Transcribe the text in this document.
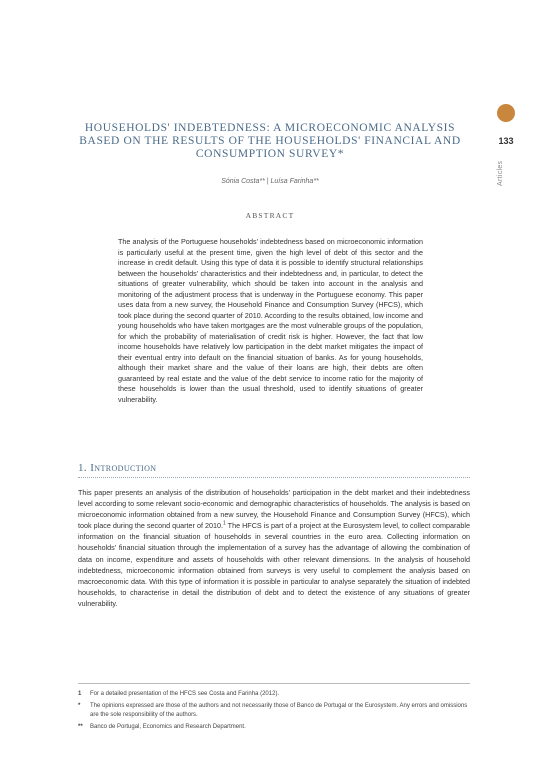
133
Articles
HOUSEHOLDS' INDEBTEDNESS: A MICROECONOMIC ANALYSIS BASED ON THE RESULTS OF THE HOUSEHOLDS' FINANCIAL AND CONSUMPTION SURVEY*
Sónia Costa** | Luísa Farinha**
ABSTRACT
The analysis of the Portuguese households' indebtedness based on microeconomic information is particularly useful at the present time, given the high level of debt of this sector and the increase in credit default. Using this type of data it is possible to identify structural relationships between the households' characteristics and their indebtedness and, in particular, to detect the situations of greater vulnerability, which should be taken into account in the analysis and monitoring of the adjustment process that is underway in the Portuguese economy. This paper uses data from a new survey, the Household Finance and Consumption Survey (HFCS), which took place during the second quarter of 2010. According to the results obtained, low income and young households who have taken mortgages are the most vulnerable groups of the population, for which the probability of materialisation of credit risk is higher. However, the fact that low income households have relatively low participation in the debt market mitigates the impact of their eventual entry into default on the financial situation of banks. As for young households, although their market share and the value of their loans are high, their debts are often guaranteed by real estate and the value of the debt service to income ratio for the majority of these households is lower than the usual threshold, used to identify situations of greater vulnerability.
1. Introduction
This paper presents an analysis of the distribution of households' participation in the debt market and their indebtedness level according to some relevant socio-economic and demographic characteristics of households. The analysis is based on microeconomic information obtained from a new survey, the Household Finance and Consumption Survey (HFCS), which took place during the second quarter of 2010.$^1$ The HFCS is part of a project at the Eurosystem level, to collect comparable information on the financial situation of households in several countries in the euro area. Collecting information on households' financial situation through the implementation of a survey has the advantage of allowing the combination of data on income, expenditure and assets of households with other relevant dimensions. In the analysis of household indebtedness, microeconomic information obtained from surveys is very useful to complement the analysis based on macroeconomic data. With this type of information it is possible in particular to analyse separately the situation of indebted households, to characterise in detail the distribution of debt and to detect the existence of any situations of greater vulnerability.
1	For a detailed presentation of the HFCS see Costa and Farinha (2012).
*	The opinions expressed are those of the authors and not necessarily those of Banco de Portugal or the Eurosystem. Any errors and omissions are the sole responsibility of the authors.
**	Banco de Portugal, Economics and Research Department.
